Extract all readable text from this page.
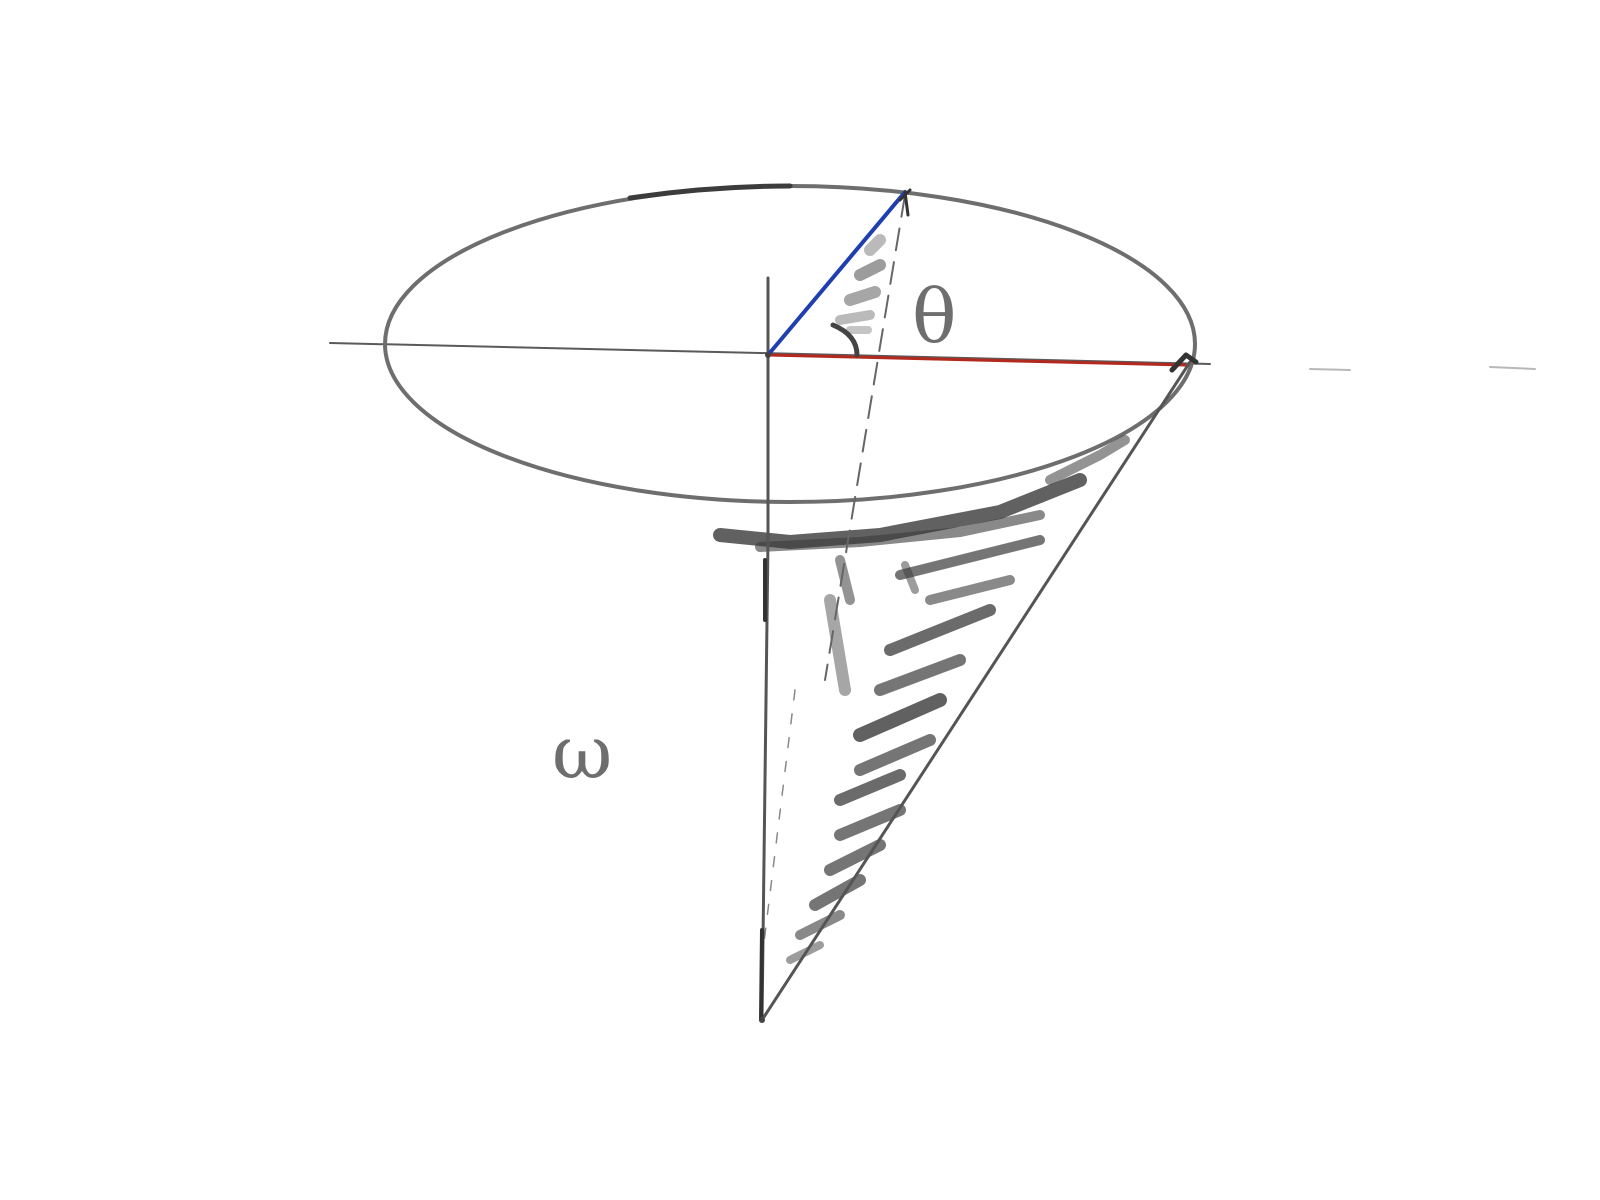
θ
ω
